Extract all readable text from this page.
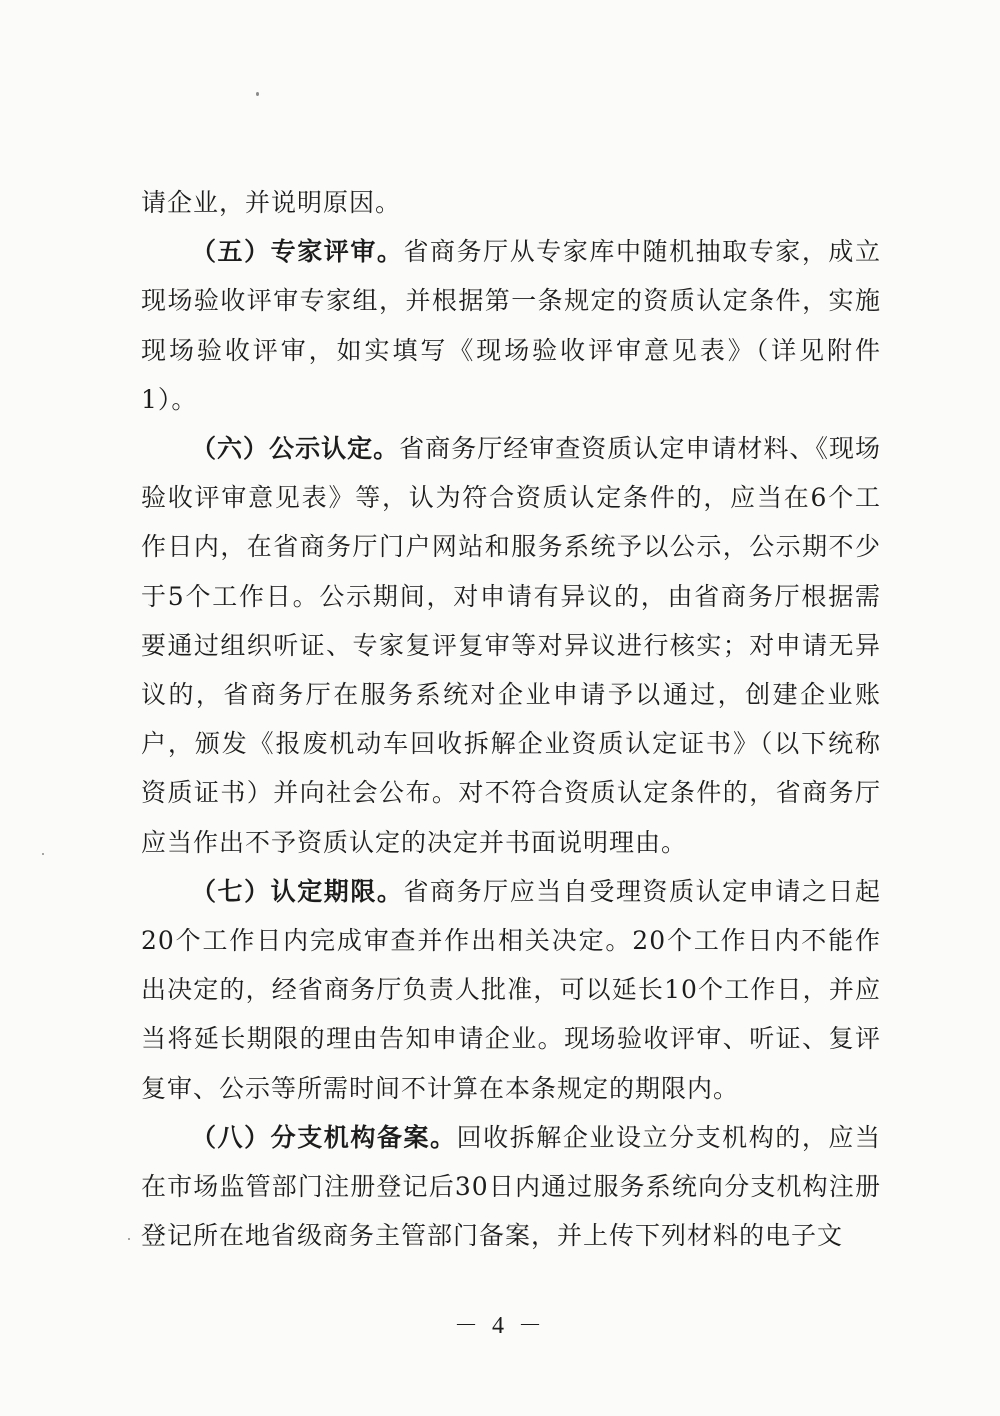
请企业，并说明原因。

（五）专家评审。省商务厅从专家库中随机抽取专家，成立现场验收评审专家组，并根据第一条规定的资质认定条件，实施现场验收评审，如实填写《现场验收评审意见表》（详见附件1）。

（六）公示认定。省商务厅经审查资质认定申请材料、《现场验收评审意见表》等，认为符合资质认定条件的，应当在6个工作日内，在省商务厅门户网站和服务系统予以公示，公示期不少于5个工作日。公示期间，对申请有异议的，由省商务厅根据需要通过组织听证、专家复评复审等对异议进行核实；对申请无异议的，省商务厅在服务系统对企业申请予以通过，创建企业账户，颁发《报废机动车回收拆解企业资质认定证书》（以下统称资质证书）并向社会公布。对不符合资质认定条件的，省商务厅应当作出不予资质认定的决定并书面说明理由。

（七）认定期限。省商务厅应当自受理资质认定申请之日起20个工作日内完成审查并作出相关决定。20个工作日内不能作出决定的，经省商务厅负责人批准，可以延长10个工作日，并应当将延长期限的理由告知申请企业。现场验收评审、听证、复评复审、公示等所需时间不计算在本条规定的期限内。

（八）分支机构备案。回收拆解企业设立分支机构的，应当在市场监管部门注册登记后30日内通过服务系统向分支机构注册登记所在地省级商务主管部门备案，并上传下列材料的电子文

－ 4 －
